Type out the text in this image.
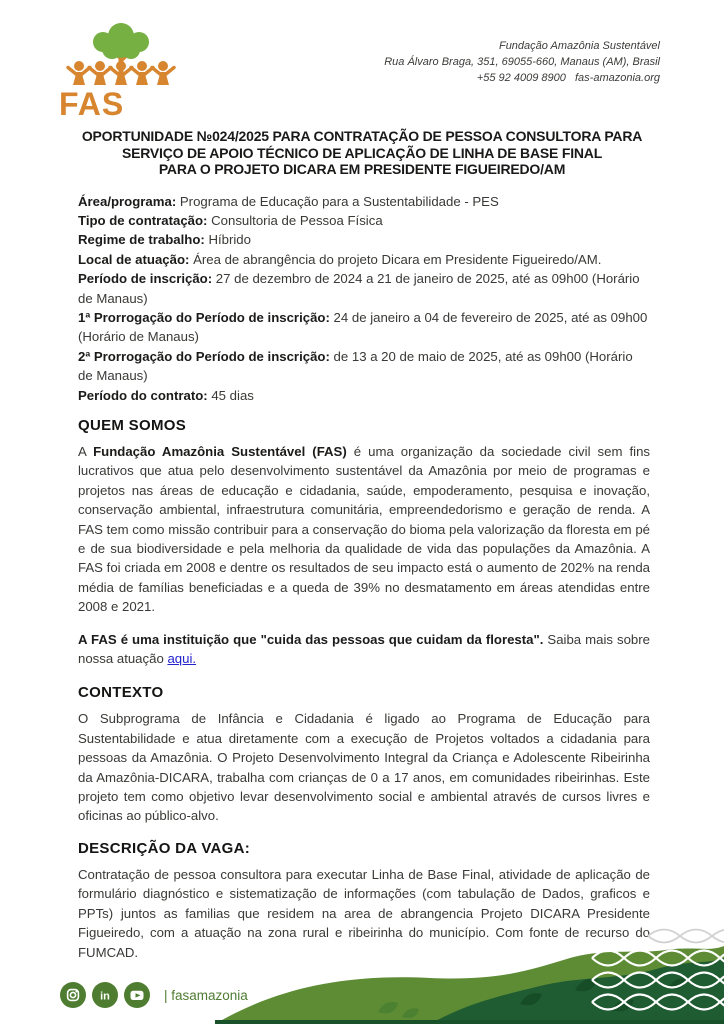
FAS
Fundação Amazônia Sustentável
Rua Álvaro Braga, 351, 69055-660, Manaus (AM), Brasil
+55 92 4009 8900   fas-amazonia.org
OPORTUNIDADE №024/2025 PARA CONTRATAÇÃO DE PESSOA CONSULTORA PARA
SERVIÇO DE APOIO TÉCNICO DE APLICAÇÃO DE LINHA DE BASE FINAL
PARA O PROJETO DICARA EM PRESIDENTE FIGUEIREDO/AM
Área/programa: Programa de Educação para a Sustentabilidade - PES
Tipo de contratação: Consultoria de Pessoa Física
Regime de trabalho: Híbrido
Local de atuação: Área de abrangência do projeto Dicara em Presidente Figueiredo/AM.
Período de inscrição: 27 de dezembro de 2024 a 21 de janeiro de 2025, até as 09h00 (Horário de Manaus)
1ª Prorrogação do Período de inscrição: 24 de janeiro a 04 de fevereiro de 2025, até as 09h00 (Horário de Manaus)
2ª Prorrogação do Período de inscrição: de 13 a 20 de maio de 2025, até as 09h00 (Horário de Manaus)
Período do contrato: 45 dias
QUEM SOMOS
A Fundação Amazônia Sustentável (FAS) é uma organização da sociedade civil sem fins lucrativos que atua pelo desenvolvimento sustentável da Amazônia por meio de programas e projetos nas áreas de educação e cidadania, saúde, empoderamento, pesquisa e inovação, conservação ambiental, infraestrutura comunitária, empreendedorismo e geração de renda. A FAS tem como missão contribuir para a conservação do bioma pela valorização da floresta em pé e de sua biodiversidade e pela melhoria da qualidade de vida das populações da Amazônia. A FAS foi criada em 2008 e dentre os resultados de seu impacto está o aumento de 202% na renda média de famílias beneficiadas e a queda de 39% no desmatamento em áreas atendidas entre 2008 e 2021.
A FAS é uma instituição que "cuida das pessoas que cuidam da floresta". Saiba mais sobre nossa atuação aqui.
CONTEXTO
O Subprograma de Infância e Cidadania é ligado ao Programa de Educação para Sustentabilidade e atua diretamente com a execução de Projetos voltados a cidadania para pessoas da Amazônia. O Projeto Desenvolvimento Integral da Criança e Adolescente Ribeirinha da Amazônia-DICARA, trabalha com crianças de 0 a 17 anos, em comunidades ribeirinhas. Este projeto tem como objetivo levar desenvolvimento social e ambiental através de cursos livres e oficinas ao público-alvo.
DESCRIÇÃO DA VAGA:
Contratação de pessoa consultora para executar Linha de Base Final, atividade de aplicação de formulário diagnóstico e sistematização de informações (com tabulação de Dados, graficos e PPTs) juntos as familias que residem na area de abrangencia Projeto DICARA Presidente Figueiredo, com a atuação na zona rural e ribeirinha do município. Com fonte de recurso do FUMCAD.
in	| fasamazonia
